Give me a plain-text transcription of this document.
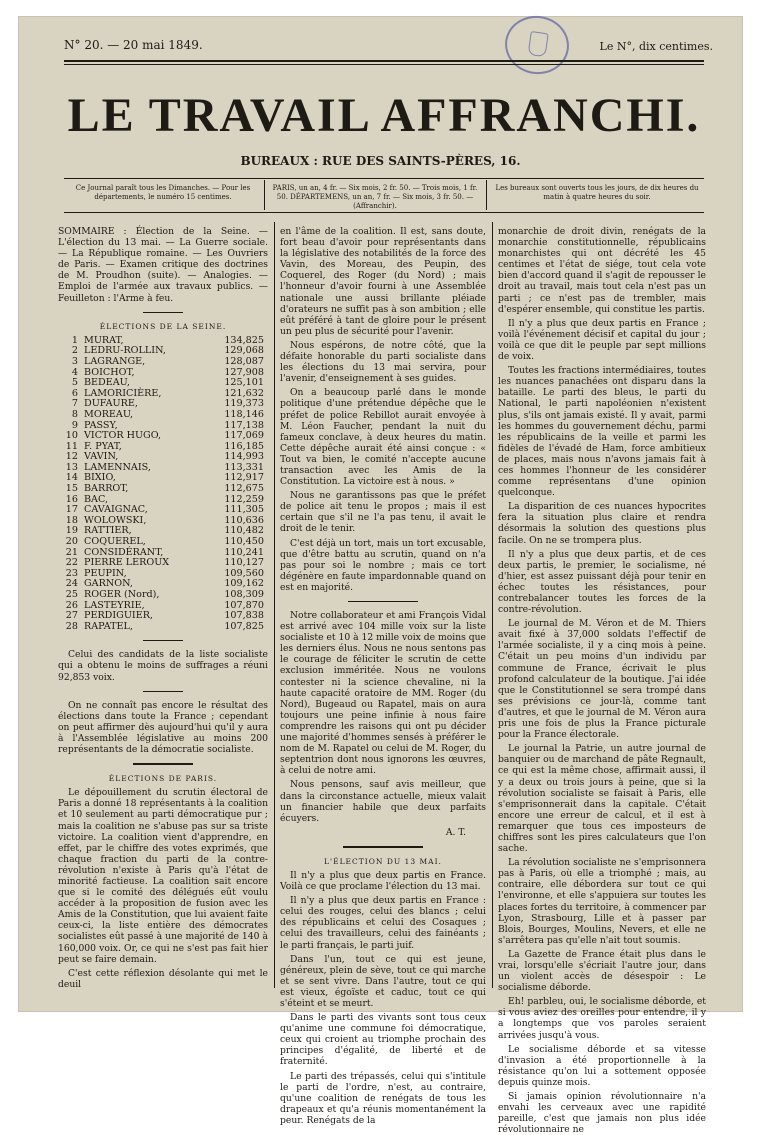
N° 20. — 20 mai 1849.	Le N°, dix centimes.
LE TRAVAIL AFFRANCHI.
BUREAUX : RUE DES SAINTS-PÈRES, 16.
Ce Journal paraît tous les Dimanches. — Pour les départements, le numéro 15 centimes.
PARIS, un an, 4 fr. — Six mois, 2 fr. 50. — Trois mois, 1 fr. 50. DÉPARTEMENS, un an, 7 fr. — Six mois, 3 fr. 50. — (Affranchir).
Les bureaux sont ouverts tous les jours, de dix heures du matin à quatre heures du soir.

SOMMAIRE : Élection de la Seine. — L'élection du 13 mai. — La Guerre sociale. — La République romaine. — Les Ouvriers de Paris. — Examen critique des doctrines de M. Proudhon (suite). — Analogies. — Emploi de l'armée aux travaux publics. — Feuilleton : l'Arme à feu.

ÉLECTIONS DE LA SEINE.

1 MURAT,	134,825
2 LEDRU-ROLLIN,	129,068
3 LAGRANGE,	128,087
4 BOICHOT,	127,908
5 BEDEAU,	125,101
6 LAMORICIÈRE,	121,632
7 DUFAURE,	119,373
8 MOREAU,	118,146
9 PASSY,	117,138
10 VICTOR HUGO,	117,069
11 F. PYAT,	116,185
12 VAVIN,	114,993
13 LAMENNAIS,	113,331
14 BIXIO,	112,917
15 BARROT,	112,675
16 BAC,	112,259
17 CAVAIGNAC,	111,305
18 WOLOWSKI,	110,636
19 RATTIER,	110,482
20 COQUEREL,	110,450
21 CONSIDÉRANT,	110,241
22 PIERRE LEROUX	110,127
23 PEUPIN,	109,560
24 GARNON,	109,162
25 ROGER (Nord),	108,309
26 LASTEYRIE,	107,870
27 PERDIGUIER,	107,838
28 RAPATEL,	107,825

Celui des candidats de la liste socialiste qui a obtenu le moins de suffrages a réuni 92,853 voix.

On ne connaît pas encore le résultat des élections dans toute la France ; cependant on peut affirmer dès aujourd'hui qu'il y aura à l'Assemblée législative au moins 200 représentants de la démocratie socialiste.

ÉLECTIONS DE PARIS.

Le dépouillement du scrutin électoral de Paris a donné 18 représentants à la coalition et 10 seulement au parti démocratique pur ; mais la coalition ne s'abuse pas sur sa triste victoire. La coalition vient d'apprendre, en effet, par le chiffre des votes exprimés, que chaque fraction du parti de la contre-révolution n'existe à Paris qu'à l'état de minorité factieuse. La coalition sait encore que si le comité des délégués eût voulu accéder à la proposition de fusion avec les Amis de la Constitution, que lui avaient faite ceux-ci, la liste entière des démocrates socialistes eût passé à une majorité de 140 à 160,000 voix. Or, ce qui ne s'est pas fait hier peut se faire demain.

C'est cette réflexion désolante qui met le deuil

en l'âme de la coalition. Il est, sans doute, fort beau d'avoir pour représentants dans la législative des notabilités de la force des Vavin, des Moreau, des Peupin, des Coquerel, des Roger (du Nord) ; mais l'honneur d'avoir fourni à une Assemblée nationale une aussi brillante pléiade d'orateurs ne suffit pas à son ambition ; elle eût préféré à tant de gloire pour le présent un peu plus de sécurité pour l'avenir.

Nous espérons, de notre côté, que la défaite honorable du parti socialiste dans les élections du 13 mai servira, pour l'avenir, d'enseignement à ses guides.

On a beaucoup parlé dans le monde politique d'une prétendue dépêche que le préfet de police Rebillot aurait envoyée à M. Léon Faucher, pendant la nuit du fameux conclave, à deux heures du matin. Cette dépêche aurait été ainsi conçue : « Tout va bien, le comité n'accepte aucune transaction avec les Amis de la Constitution. La victoire est à nous. »

Nous ne garantissons pas que le préfet de police ait tenu le propos ; mais il est certain que s'il ne l'a pas tenu, il avait le droit de le tenir.

C'est déjà un tort, mais un tort excusable, que d'être battu au scrutin, quand on n'a pas pour soi le nombre ; mais ce tort dégénère en faute impardonnable quand on est en majorité.

Notre collaborateur et ami François Vidal est arrivé avec 104 mille voix sur la liste socialiste et 10 à 12 mille voix de moins que les derniers élus. Nous ne nous sentons pas le courage de féliciter le scrutin de cette exclusion imméritée. Nous ne voulons contester ni la science chevaline, ni la haute capacité oratoire de MM. Roger (du Nord), Bugeaud ou Rapatel, mais on aura toujours une peine infinie à nous faire comprendre les raisons qui ont pu décider une majorité d'hommes sensés à préférer le nom de M. Rapatel ou celui de M. Roger, du septentrion dont nous ignorons les œuvres, à celui de notre ami.

Nous pensons, sauf avis meilleur, que dans la circonstance actuelle, mieux valait un financier habile que deux parfaits écuyers.

A. T.

L'ÉLECTION DU 13 MAI.

Il n'y a plus que deux partis en France. Voilà ce que proclame l'élection du 13 mai.

Il n'y a plus que deux partis en France : celui des rouges, celui des blancs ; celui des républicains et celui des Cosaques ; celui des travailleurs, celui des fainéants ; le parti français, le parti juif.

Dans l'un, tout ce qui est jeune, généreux, plein de sève, tout ce qui marche et se sent vivre. Dans l'autre, tout ce qui est vieux, égoïste et caduc, tout ce qui s'éteint et se meurt.

Dans le parti des vivants sont tous ceux qu'anime une commune foi démocratique, ceux qui croient au triomphe prochain des principes d'égalité, de liberté et de fraternité.

Le parti des trépassés, celui qui s'intitule le parti de l'ordre, n'est, au contraire, qu'une coalition de renégats de tous les drapeaux et qu'a réunis momentanément la peur. Renégats de la

monarchie de droit divin, renégats de la monarchie constitutionnelle, républicains monarchistes qui ont décrété les 45 centimes et l'état de siége, tout cela vote bien d'accord quand il s'agit de repousser le droit au travail, mais tout cela n'est pas un parti ; ce n'est pas de trembler, mais d'espérer ensemble, qui constitue les partis.

Il n'y a plus que deux partis en France ; voilà l'événement décisif et capital du jour ; voilà ce que dit le peuple par sept millions de voix.

Toutes les fractions intermédiaires, toutes les nuances panachées ont disparu dans la bataille. Le parti des bleus, le parti du National, le parti napoléonien n'existent plus, s'ils ont jamais existé. Il y avait, parmi les hommes du gouvernement déchu, parmi les républicains de la veille et parmi les fidèles de l'évadé de Ham, force ambitieux de places, mais nous n'avons jamais fait à ces hommes l'honneur de les considérer comme représentans d'une opinion quelconque.

La disparition de ces nuances hypocrites fera la situation plus claire et rendra désormais la solution des questions plus facile. On ne se trompera plus.

Il n'y a plus que deux partis, et de ces deux partis, le premier, le socialisme, né d'hier, est assez puissant déjà pour tenir en échec toutes les résistances, pour contrebalancer toutes les forces de la contre-révolution.

Le journal de M. Véron et de M. Thiers avait fixé à 37,000 soldats l'effectif de l'armée socialiste, il y a cinq mois à peine. C'était un peu moins d'un individu par commune de France, écrivait le plus profond calculateur de la boutique. J'ai idée que le Constitutionnel se sera trompé dans ses prévisions ce jour-là, comme tant d'autres, et que le journal de M. Véron aura pris une fois de plus la France picturale pour la France électorale.

Le journal la Patrie, un autre journal de banquier ou de marchand de pâte Regnault, ce qui est la même chose, affirmait aussi, il y a deux ou trois jours à peine, que si la révolution socialiste se faisait à Paris, elle s'emprisonnerait dans la capitale. C'était encore une erreur de calcul, et il est à remarquer que tous ces imposteurs de chiffres sont les pires calculateurs que l'on sache.

La révolution socialiste ne s'emprisonnera pas à Paris, où elle a triomphé ; mais, au contraire, elle débordera sur tout ce qui l'environne, et elle s'appuiera sur toutes les places fortes du territoire, à commencer par Lyon, Strasbourg, Lille et à passer par Blois, Bourges, Moulins, Nevers, et elle ne s'arrêtera pas qu'elle n'ait tout soumis.

La Gazette de France était plus dans le vrai, lorsqu'elle s'écriait l'autre jour, dans un violent accès de désespoir : Le socialisme déborde.

Eh! parbleu, oui, le socialisme déborde, et si vous aviez des oreilles pour entendre, il y a longtemps que vos paroles seraient arrivées jusqu'à vous.

Le socialisme déborde et sa vitesse d'invasion a été proportionnelle à la résistance qu'on lui a sottement opposée depuis quinze mois.

Si jamais opinion révolutionnaire n'a envahi les cerveaux avec une rapidité pareille, c'est que jamais non plus idée révolutionnaire ne
